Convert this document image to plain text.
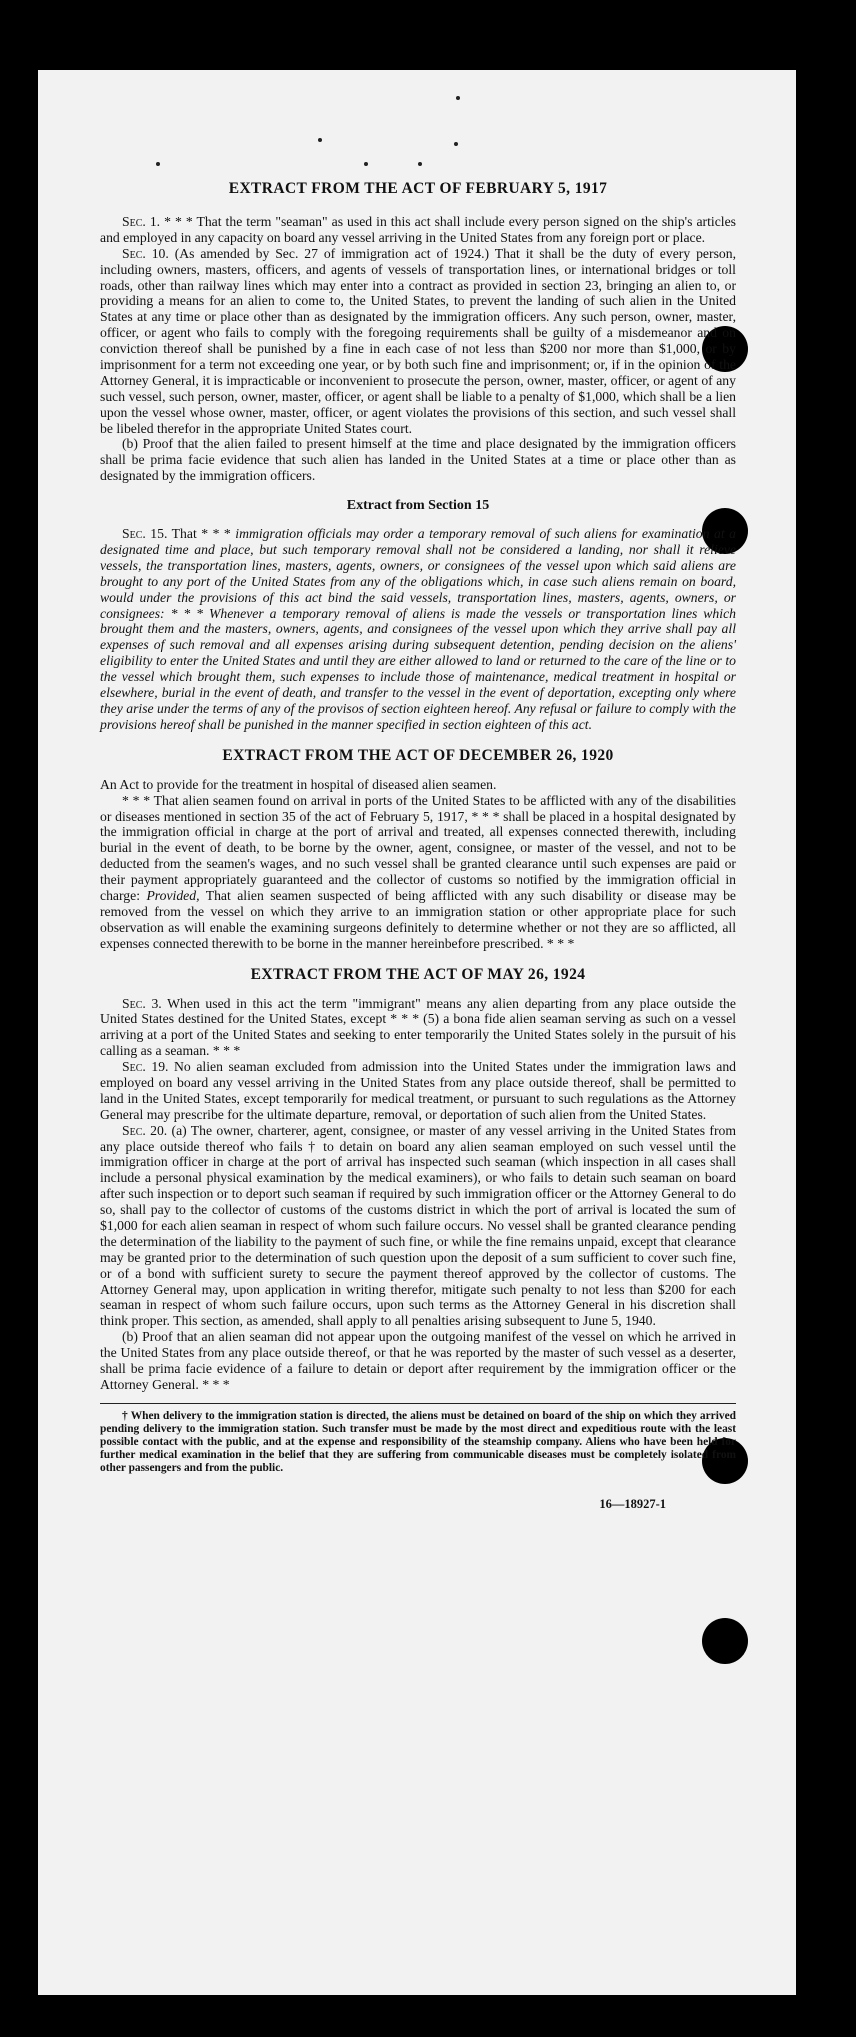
EXTRACT FROM THE ACT OF FEBRUARY 5, 1917

Sec. 1. * * * That the term "seaman" as used in this act shall include every person signed on the ship's articles and employed in any capacity on board any vessel arriving in the United States from any foreign port or place.

Sec. 10. (As amended by Sec. 27 of immigration act of 1924.) That it shall be the duty of every person, including owners, masters, officers, and agents of vessels of transportation lines, or international bridges or toll roads, other than railway lines which may enter into a contract as provided in section 23, bringing an alien to, or providing a means for an alien to come to, the United States, to prevent the landing of such alien in the United States at any time or place other than as designated by the immigration officers. Any such person, owner, master, officer, or agent who fails to comply with the foregoing requirements shall be guilty of a misdemeanor and on conviction thereof shall be punished by a fine in each case of not less than $200 nor more than $1,000, or by imprisonment for a term not exceeding one year, or by both such fine and imprisonment; or, if in the opinion of the Attorney General, it is impracticable or inconvenient to prosecute the person, owner, master, officer, or agent of any such vessel, such person, owner, master, officer, or agent shall be liable to a penalty of $1,000, which shall be a lien upon the vessel whose owner, master, officer, or agent violates the provisions of this section, and such vessel shall be libeled therefor in the appropriate United States court.

(b) Proof that the alien failed to present himself at the time and place designated by the immigration officers shall be prima facie evidence that such alien has landed in the United States at a time or place other than as designated by the immigration officers.

Extract from Section 15

Sec. 15. That * * * immigration officials may order a temporary removal of such aliens for examination at a designated time and place, but such temporary removal shall not be considered a landing, nor shall it relieve vessels, the transportation lines, masters, agents, owners, or consignees of the vessel upon which said aliens are brought to any port of the United States from any of the obligations which, in case such aliens remain on board, would under the provisions of this act bind the said vessels, transportation lines, masters, agents, owners, or consignees: * * * Whenever a temporary removal of aliens is made the vessels or transportation lines which brought them and the masters, owners, agents, and consignees of the vessel upon which they arrive shall pay all expenses of such removal and all expenses arising during subsequent detention, pending decision on the aliens' eligibility to enter the United States and until they are either allowed to land or returned to the care of the line or to the vessel which brought them, such expenses to include those of maintenance, medical treatment in hospital or elsewhere, burial in the event of death, and transfer to the vessel in the event of deportation, excepting only where they arise under the terms of any of the provisos of section eighteen hereof. Any refusal or failure to comply with the provisions hereof shall be punished in the manner specified in section eighteen of this act.

EXTRACT FROM THE ACT OF DECEMBER 26, 1920

An Act to provide for the treatment in hospital of diseased alien seamen.

* * * That alien seamen found on arrival in ports of the United States to be afflicted with any of the disabilities or diseases mentioned in section 35 of the act of February 5, 1917, * * * shall be placed in a hospital designated by the immigration official in charge at the port of arrival and treated, all expenses connected therewith, including burial in the event of death, to be borne by the owner, agent, consignee, or master of the vessel, and not to be deducted from the seamen's wages, and no such vessel shall be granted clearance until such expenses are paid or their payment appropriately guaranteed and the collector of customs so notified by the immigration official in charge: Provided, That alien seamen suspected of being afflicted with any such disability or disease may be removed from the vessel on which they arrive to an immigration station or other appropriate place for such observation as will enable the examining surgeons definitely to determine whether or not they are so afflicted, all expenses connected therewith to be borne in the manner hereinbefore prescribed. * * *

EXTRACT FROM THE ACT OF MAY 26, 1924

Sec. 3. When used in this act the term "immigrant" means any alien departing from any place outside the United States destined for the United States, except * * * (5) a bona fide alien seaman serving as such on a vessel arriving at a port of the United States and seeking to enter temporarily the United States solely in the pursuit of his calling as a seaman. * * *

Sec. 19. No alien seaman excluded from admission into the United States under the immigration laws and employed on board any vessel arriving in the United States from any place outside thereof, shall be permitted to land in the United States, except temporarily for medical treatment, or pursuant to such regulations as the Attorney General may prescribe for the ultimate departure, removal, or deportation of such alien from the United States.

Sec. 20. (a) The owner, charterer, agent, consignee, or master of any vessel arriving in the United States from any place outside thereof who fails † to detain on board any alien seaman employed on such vessel until the immigration officer in charge at the port of arrival has inspected such seaman (which inspection in all cases shall include a personal physical examination by the medical examiners), or who fails to detain such seaman on board after such inspection or to deport such seaman if required by such immigration officer or the Attorney General to do so, shall pay to the collector of customs of the customs district in which the port of arrival is located the sum of $1,000 for each alien seaman in respect of whom such failure occurs. No vessel shall be granted clearance pending the determination of the liability to the payment of such fine, or while the fine remains unpaid, except that clearance may be granted prior to the determination of such question upon the deposit of a sum sufficient to cover such fine, or of a bond with sufficient surety to secure the payment thereof approved by the collector of customs. The Attorney General may, upon application in writing therefor, mitigate such penalty to not less than $200 for each seaman in respect of whom such failure occurs, upon such terms as the Attorney General in his discretion shall think proper. This section, as amended, shall apply to all penalties arising subsequent to June 5, 1940.

(b) Proof that an alien seaman did not appear upon the outgoing manifest of the vessel on which he arrived in the United States from any place outside thereof, or that he was reported by the master of such vessel as a deserter, shall be prima facie evidence of a failure to detain or deport after requirement by the immigration officer or the Attorney General. * * *

† When delivery to the immigration station is directed, the aliens must be detained on board of the ship on which they arrived pending delivery to the immigration station. Such transfer must be made by the most direct and expeditious route with the least possible contact with the public, and at the expense and responsibility of the steamship company. Aliens who have been held for further medical examination in the belief that they are suffering from communicable diseases must be completely isolated from other passengers and from the public.

16—18927-1
